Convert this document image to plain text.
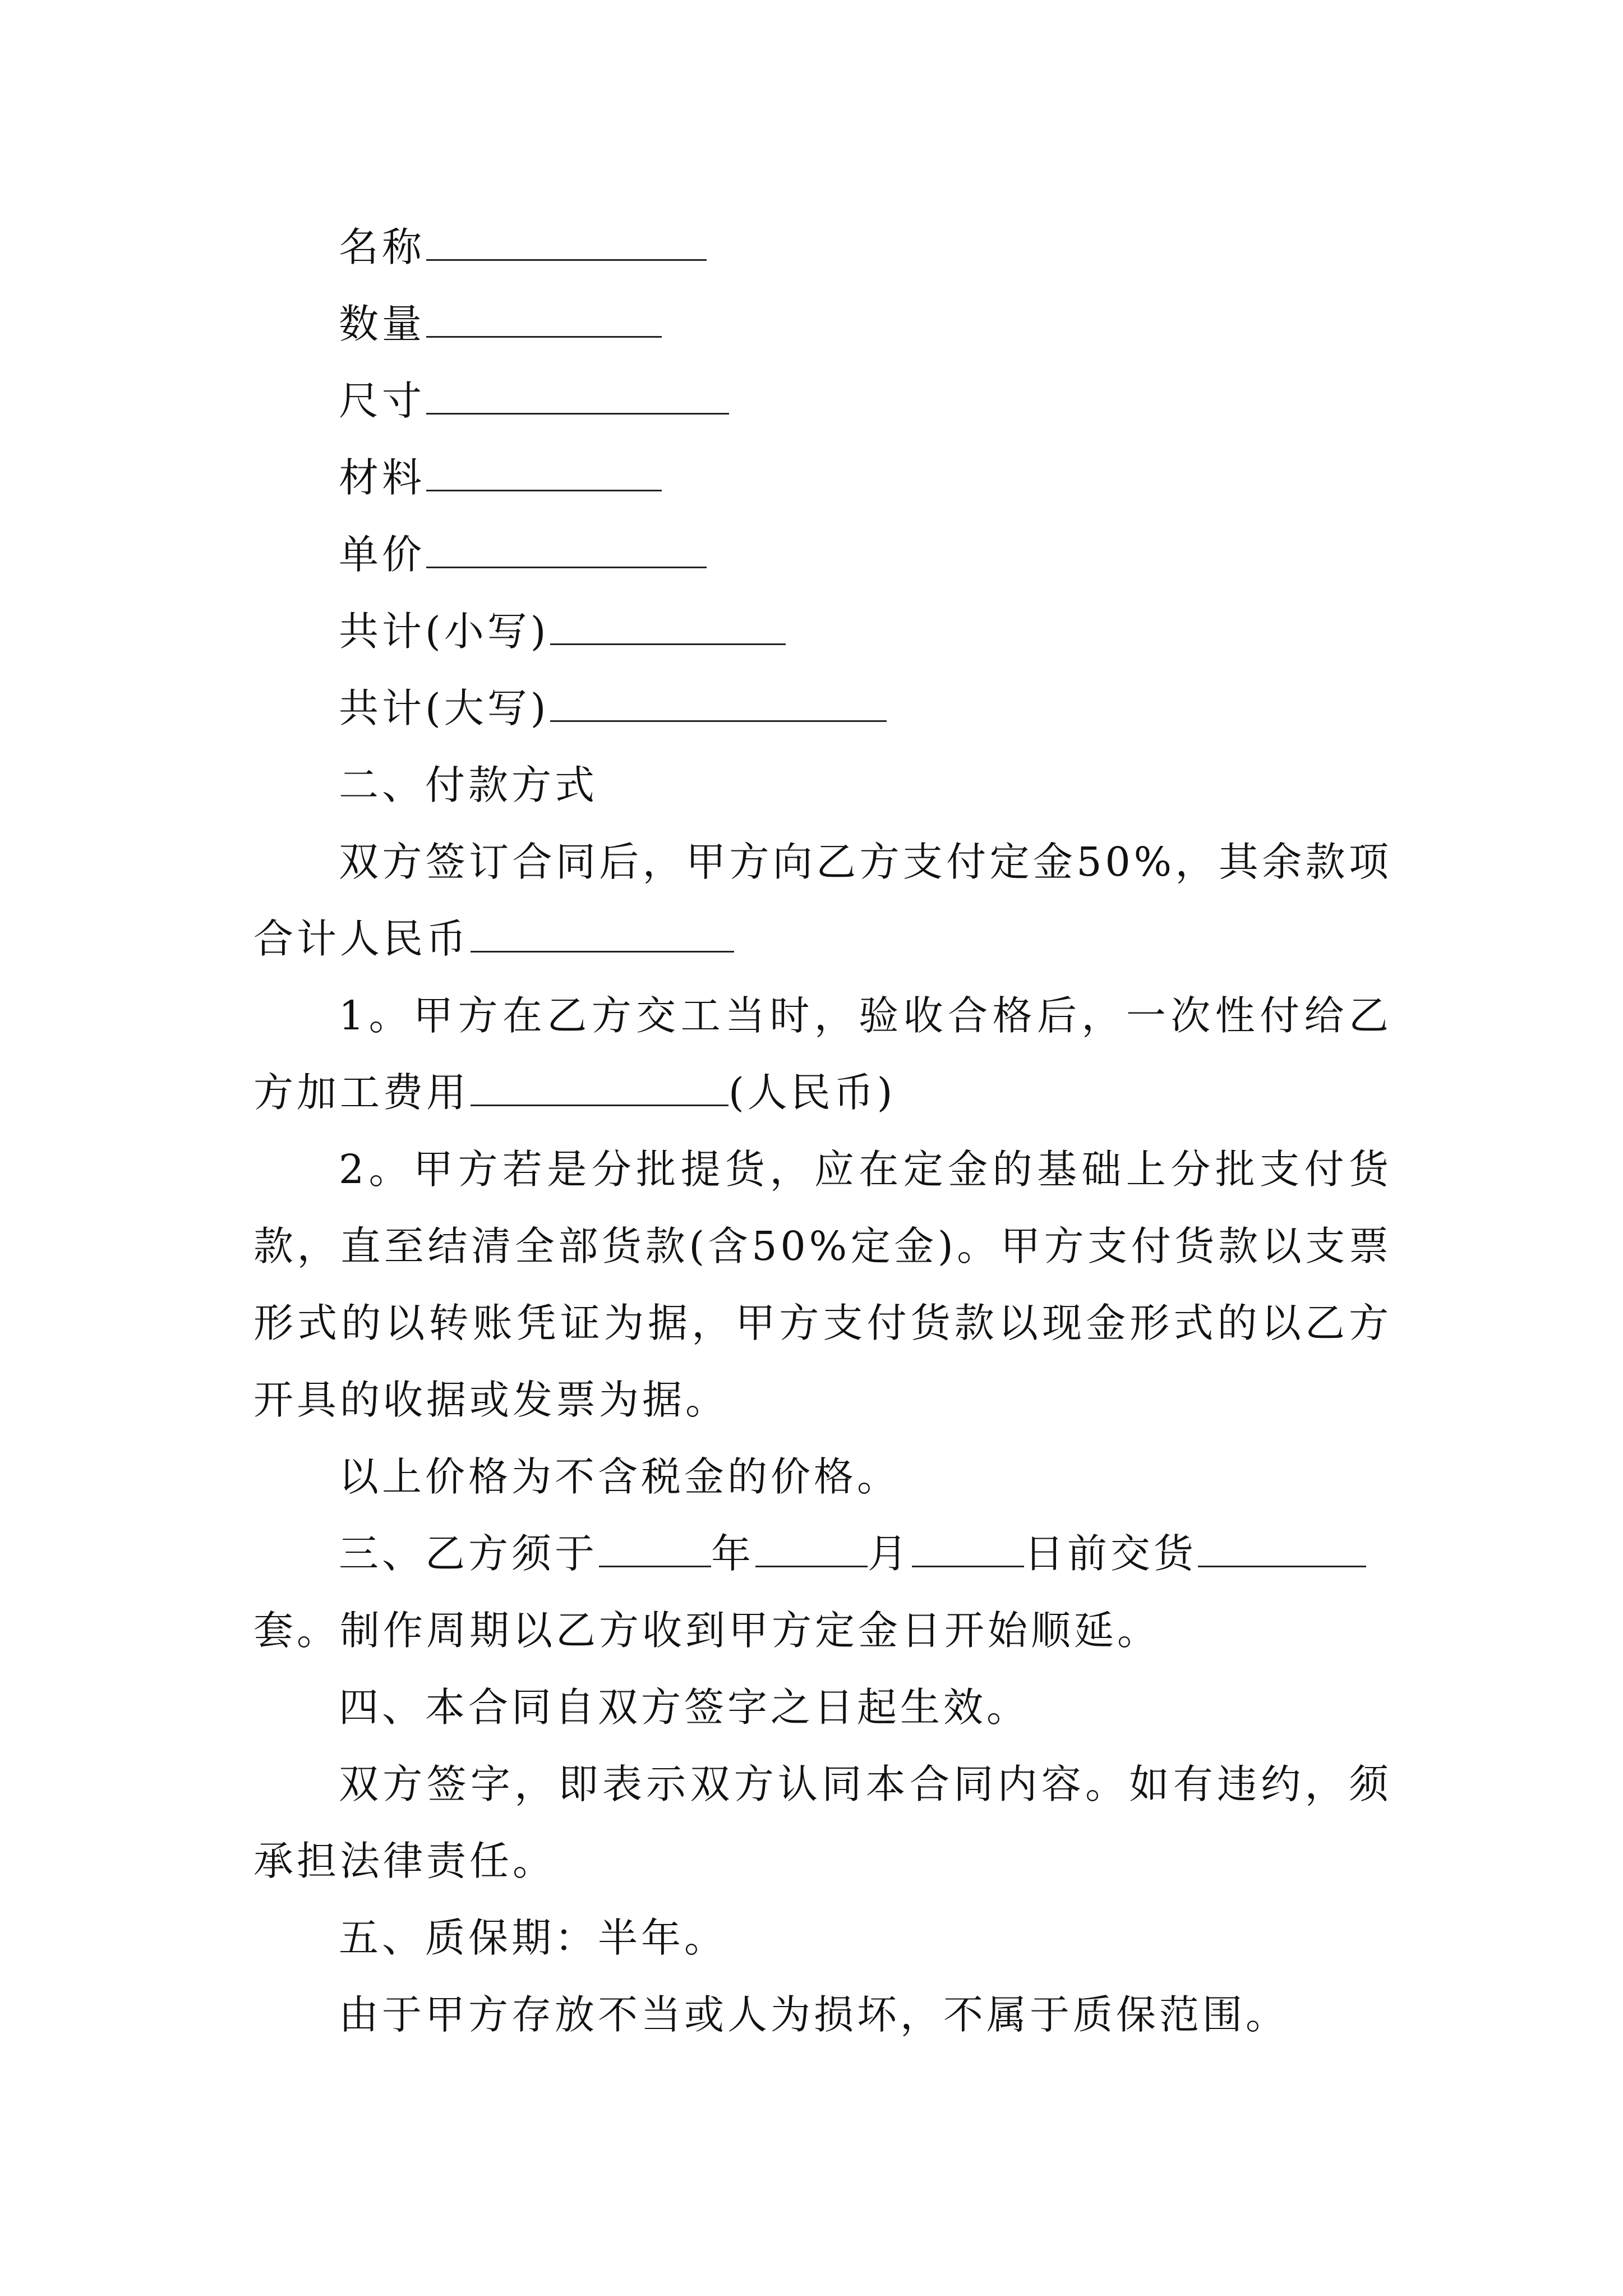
名称
数量
尺寸
材料
单价
共计(小写)
共计(大写)
二、付款方式
双方签订合同后，甲方向乙方支付定金50%，其余款项
合计人民币
1。甲方在乙方交工当时，验收合格后，一次性付给乙
方加工费用	(人民币)
2。甲方若是分批提货，应在定金的基础上分批支付货
款，直至结清全部货款(含50%定金)。甲方支付货款以支票
形式的以转账凭证为据，甲方支付货款以现金形式的以乙方
开具的收据或发票为据。
以上价格为不含税金的价格。
三、乙方须于	年	月	日前交货
套。制作周期以乙方收到甲方定金日开始顺延。
四、本合同自双方签字之日起生效。
双方签字，即表示双方认同本合同内容。如有违约，须
承担法律责任。
五、质保期：半年。
由于甲方存放不当或人为损坏，不属于质保范围。
